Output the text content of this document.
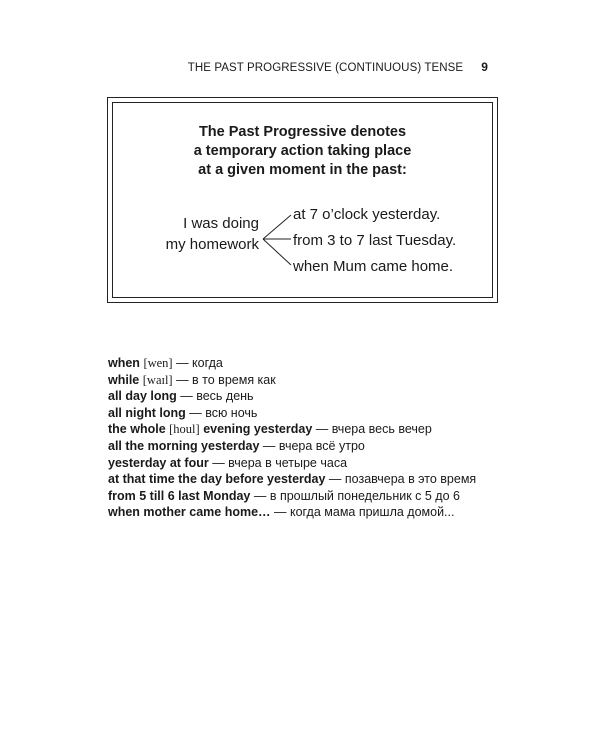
THE PAST PROGRESSIVE (CONTINUOUS) TENSE 9
The Past Progressive denotes
a temporary action taking place
at a given moment in the past:
I was doing
my homework
at 7 o’clock yesterday.
from 3 to 7 last Tuesday.
when Mum came home.
when [wen] — когда
while [waɪl] — в то время как
all day long — весь день
all night long — всю ночь
the whole [houl] evening yesterday — вчера весь вечер
all the morning yesterday — вчера всё утро
yesterday at four — вчера в четыре часа
at that time the day before yesterday — позавчера в это время
from 5 till 6 last Monday — в прошлый понедельник с 5 до 6
when mother came home… — когда мама пришла домой...
